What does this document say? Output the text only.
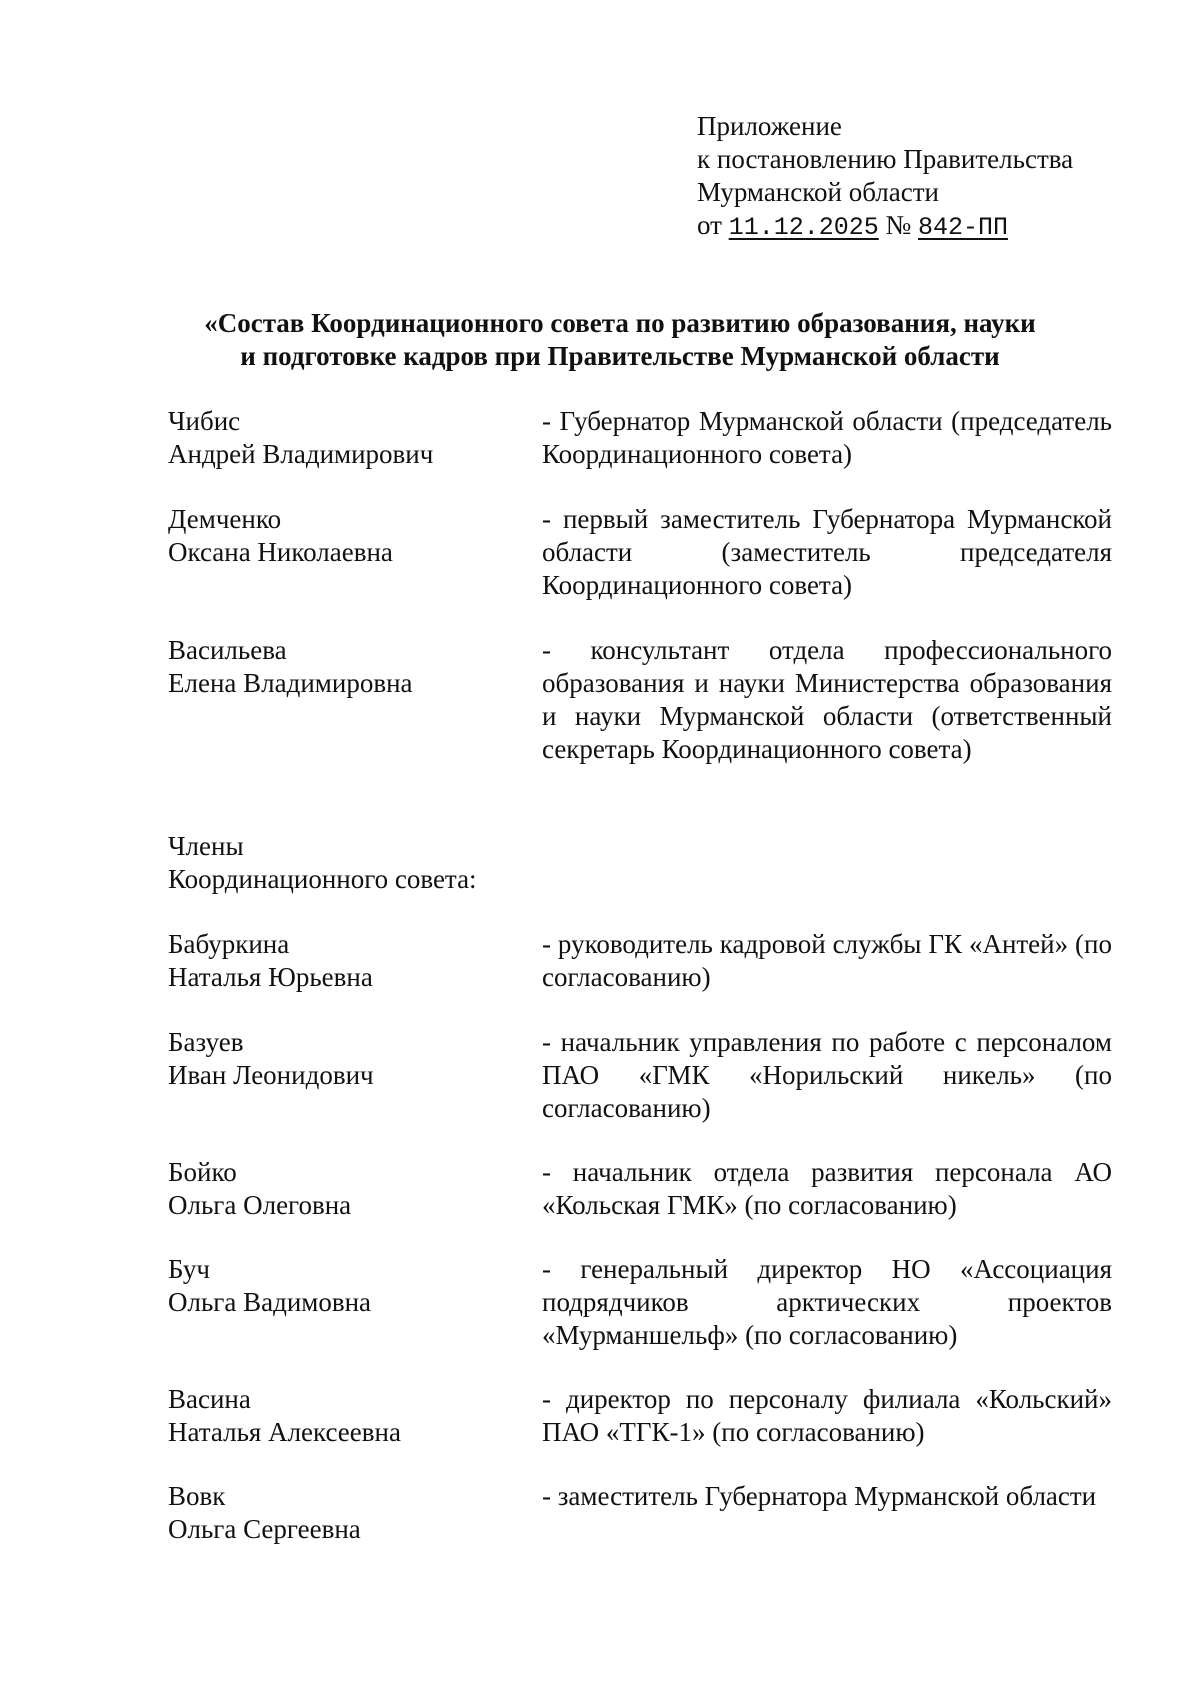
Приложение
к постановлению Правительства
Мурманской области
от 11.12.2025 № 842-ПП
«Состав Координационного совета по развитию образования, науки
и подготовке кадров при Правительстве Мурманской области
Чибис
Андрей Владимирович
- Губернатор Мурманской области (председатель Координационного совета)
Демченко
Оксана Николаевна
- первый заместитель Губернатора Мурманской области (заместитель председателя Координационного совета)
Васильева
Елена Владимировна
- консультант отдела профессионального образования и науки Министерства образования и науки Мурманской области (ответственный секретарь Координационного совета)
Члены
Координационного совета:
Бабуркина
Наталья Юрьевна
- руководитель кадровой службы ГК «Антей» (по согласованию)
Базуев
Иван Леонидович
- начальник управления по работе с персоналом ПАО «ГМК «Норильский никель» (по согласованию)
Бойко
Ольга Олеговна
- начальник отдела развития персонала АО «Кольская ГМК» (по согласованию)
Буч
Ольга Вадимовна
- генеральный директор НО «Ассоциация подрядчиков арктических проектов «Мурманшельф» (по согласованию)
Васина
Наталья Алексеевна
- директор по персоналу филиала «Кольский» ПАО «ТГК-1» (по согласованию)
Вовк
Ольга Сергеевна
- заместитель Губернатора Мурманской области
